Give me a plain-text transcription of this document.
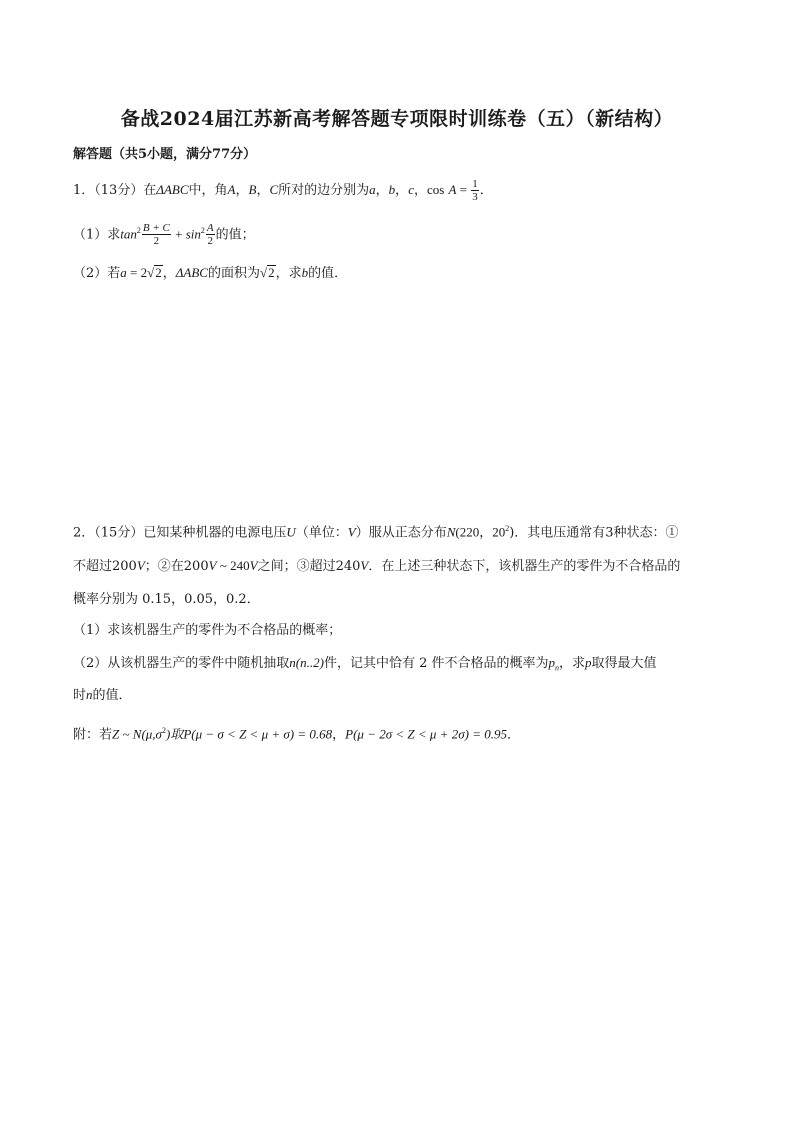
备战2024届江苏新高考解答题专项限时训练卷（五）（新结构）
解答题（共5小题，满分77分）
1．（13分）在ΔABC中，角A，B，C所对的边分别为a，b，c，$\cos A = \frac{1}{3}$ ．
（1）求$\tan^2 \frac{B + C}{2} + \sin^2 \frac{A}{2}$ 的值；
（2）若a = 2√2，ΔABC的面积为√2，求b的值．
2．（15分）已知某种机器的电源电压U（单位：V）服从正态分布N(220，$20^2$)．其电压通常有3种状态：①
不超过200V；②在200V ~ 240V之间；③超过240V．在上述三种状态下，该机器生产的零件为不合格品的
概率分别为 0.15，0.05，0.2．
（1）求该机器生产的零件为不合格品的概率；
（2）从该机器生产的零件中随机抽取n(n..2)件，记其中恰有 2 件不合格品的概率为$p_n$，求p取得最大值
时n的值．
附：若Z ~ $N(\mu,\sigma^2)$取P(μ − σ < Z < μ + σ) = 0.68，P(μ − 2σ < Z < μ + 2σ) = 0.95．
